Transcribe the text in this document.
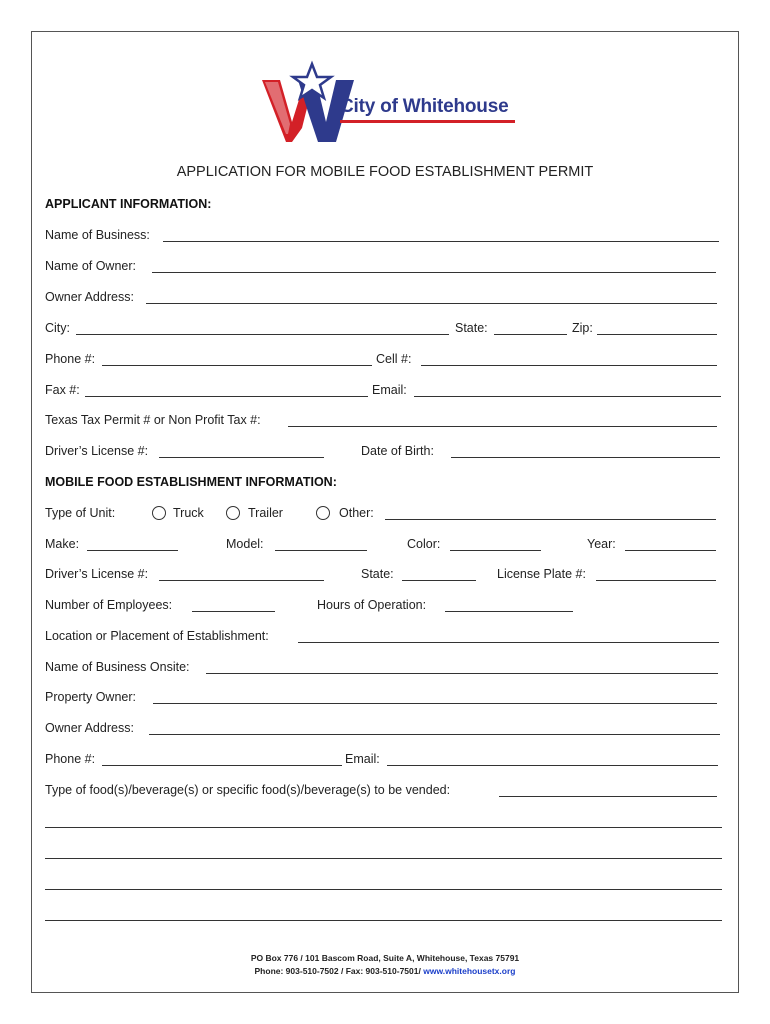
City of Whitehouse
APPLICATION FOR MOBILE FOOD ESTABLISHMENT PERMIT
APPLICANT INFORMATION:
Name of Business:
Name of Owner:
Owner Address:
City:	State:	Zip:
Phone #:	Cell #:
Fax #:	Email:
Texas Tax Permit # or Non Profit Tax #:
Driver’s License #:	Date of Birth:
MOBILE FOOD ESTABLISHMENT INFORMATION:
Type of Unit:	Truck	Trailer	Other:
Make:	Model:	Color:	Year:
Driver’s License #:	State:	License Plate #:
Number of Employees:	Hours of Operation:
Location or Placement of Establishment:
Name of Business Onsite:
Property Owner:
Owner Address:
Phone #:	Email:
Type of food(s)/beverage(s) or specific food(s)/beverage(s) to be vended:
PO Box 776 / 101 Bascom Road, Suite A, Whitehouse, Texas 75791
Phone: 903-510-7502 / Fax: 903-510-7501/ www.whitehousetx.org
